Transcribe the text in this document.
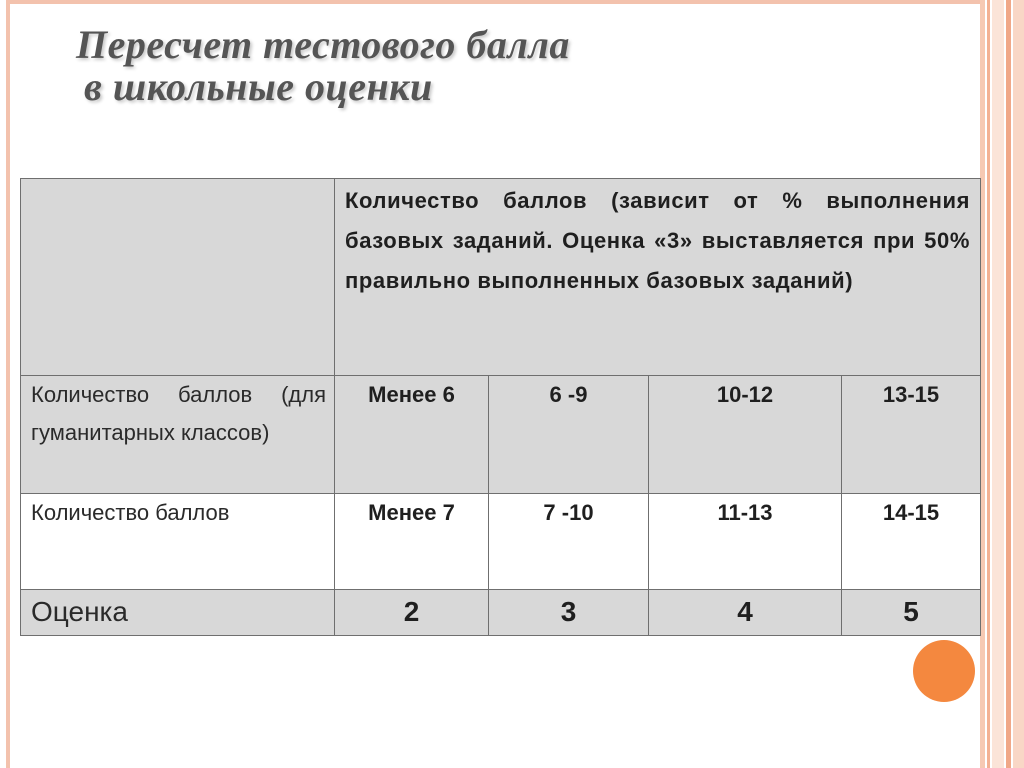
Пересчет тестового балла
в школьные оценки

	Количество баллов (зависит от % выполнения базовых заданий. Оценка «3» выставляется при 50% правильно выполненных базовых заданий)			

Количество баллов (для гуманитарных классов)	Менее 6	6 -9	10-12	13-15

Количество баллов	Менее 7	7 -10	11-13	14-15

Оценка	2	3	4	5
